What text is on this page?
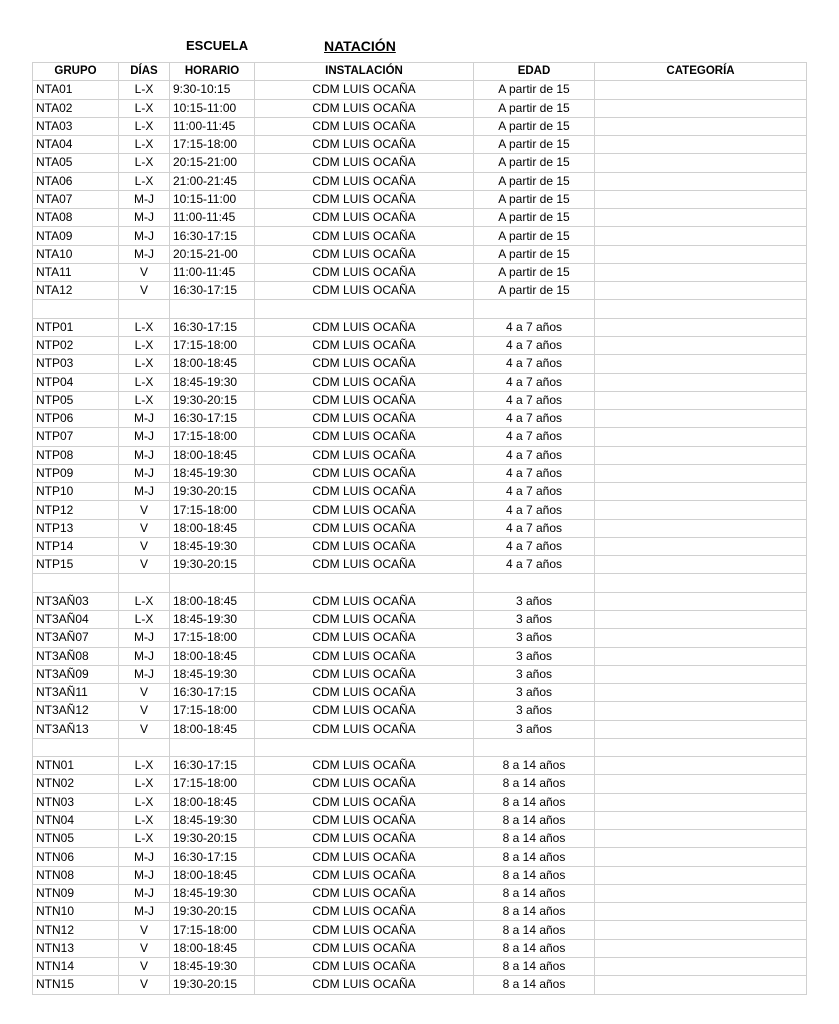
ESCUELA	NATACIÓN
GRUPO	DÍAS	HORARIO	INSTALACIÓN	EDAD	CATEGORÍA
NTA01	L-X	9:30-10:15	CDM LUIS OCAÑA	A partir de 15	
NTA02	L-X	10:15-11:00	CDM LUIS OCAÑA	A partir de 15	
NTA03	L-X	11:00-11:45	CDM LUIS OCAÑA	A partir de 15	
NTA04	L-X	17:15-18:00	CDM LUIS OCAÑA	A partir de 15	
NTA05	L-X	20:15-21:00	CDM LUIS OCAÑA	A partir de 15	
NTA06	L-X	21:00-21:45	CDM LUIS OCAÑA	A partir de 15	
NTA07	M-J	10:15-11:00	CDM LUIS OCAÑA	A partir de 15	
NTA08	M-J	11:00-11:45	CDM LUIS OCAÑA	A partir de 15	
NTA09	M-J	16:30-17:15	CDM LUIS OCAÑA	A partir de 15	
NTA10	M-J	20:15-21-00	CDM LUIS OCAÑA	A partir de 15	
NTA11	V	11:00-11:45	CDM LUIS OCAÑA	A partir de 15	
NTA12	V	16:30-17:15	CDM LUIS OCAÑA	A partir de 15	

NTP01	L-X	16:30-17:15	CDM LUIS OCAÑA	4 a 7 años	
NTP02	L-X	17:15-18:00	CDM LUIS OCAÑA	4 a 7 años	
NTP03	L-X	18:00-18:45	CDM LUIS OCAÑA	4 a 7 años	
NTP04	L-X	18:45-19:30	CDM LUIS OCAÑA	4 a 7 años	
NTP05	L-X	19:30-20:15	CDM LUIS OCAÑA	4 a 7 años	
NTP06	M-J	16:30-17:15	CDM LUIS OCAÑA	4 a 7 años	
NTP07	M-J	17:15-18:00	CDM LUIS OCAÑA	4 a 7 años	
NTP08	M-J	18:00-18:45	CDM LUIS OCAÑA	4 a 7 años	
NTP09	M-J	18:45-19:30	CDM LUIS OCAÑA	4 a 7 años	
NTP10	M-J	19:30-20:15	CDM LUIS OCAÑA	4 a 7 años	
NTP12	V	17:15-18:00	CDM LUIS OCAÑA	4 a 7 años	
NTP13	V	18:00-18:45	CDM LUIS OCAÑA	4 a 7 años	
NTP14	V	18:45-19:30	CDM LUIS OCAÑA	4 a 7 años	
NTP15	V	19:30-20:15	CDM LUIS OCAÑA	4 a 7 años	

NT3AÑ03	L-X	18:00-18:45	CDM LUIS OCAÑA	3 años	
NT3AÑ04	L-X	18:45-19:30	CDM LUIS OCAÑA	3 años	
NT3AÑ07	M-J	17:15-18:00	CDM LUIS OCAÑA	3 años	
NT3AÑ08	M-J	18:00-18:45	CDM LUIS OCAÑA	3 años	
NT3AÑ09	M-J	18:45-19:30	CDM LUIS OCAÑA	3 años	
NT3AÑ11	V	16:30-17:15	CDM LUIS OCAÑA	3 años	
NT3AÑ12	V	17:15-18:00	CDM LUIS OCAÑA	3 años	
NT3AÑ13	V	18:00-18:45	CDM LUIS OCAÑA	3 años	

NTN01	L-X	16:30-17:15	CDM LUIS OCAÑA	8 a 14 años	
NTN02	L-X	17:15-18:00	CDM LUIS OCAÑA	8 a 14 años	
NTN03	L-X	18:00-18:45	CDM LUIS OCAÑA	8 a 14 años	
NTN04	L-X	18:45-19:30	CDM LUIS OCAÑA	8 a 14 años	
NTN05	L-X	19:30-20:15	CDM LUIS OCAÑA	8 a 14 años	
NTN06	M-J	16:30-17:15	CDM LUIS OCAÑA	8 a 14 años	
NTN08	M-J	18:00-18:45	CDM LUIS OCAÑA	8 a 14 años	
NTN09	M-J	18:45-19:30	CDM LUIS OCAÑA	8 a 14 años	
NTN10	M-J	19:30-20:15	CDM LUIS OCAÑA	8 a 14 años	
NTN12	V	17:15-18:00	CDM LUIS OCAÑA	8 a 14 años	
NTN13	V	18:00-18:45	CDM LUIS OCAÑA	8 a 14 años	
NTN14	V	18:45-19:30	CDM LUIS OCAÑA	8 a 14 años	
NTN15	V	19:30-20:15	CDM LUIS OCAÑA	8 a 14 años	
